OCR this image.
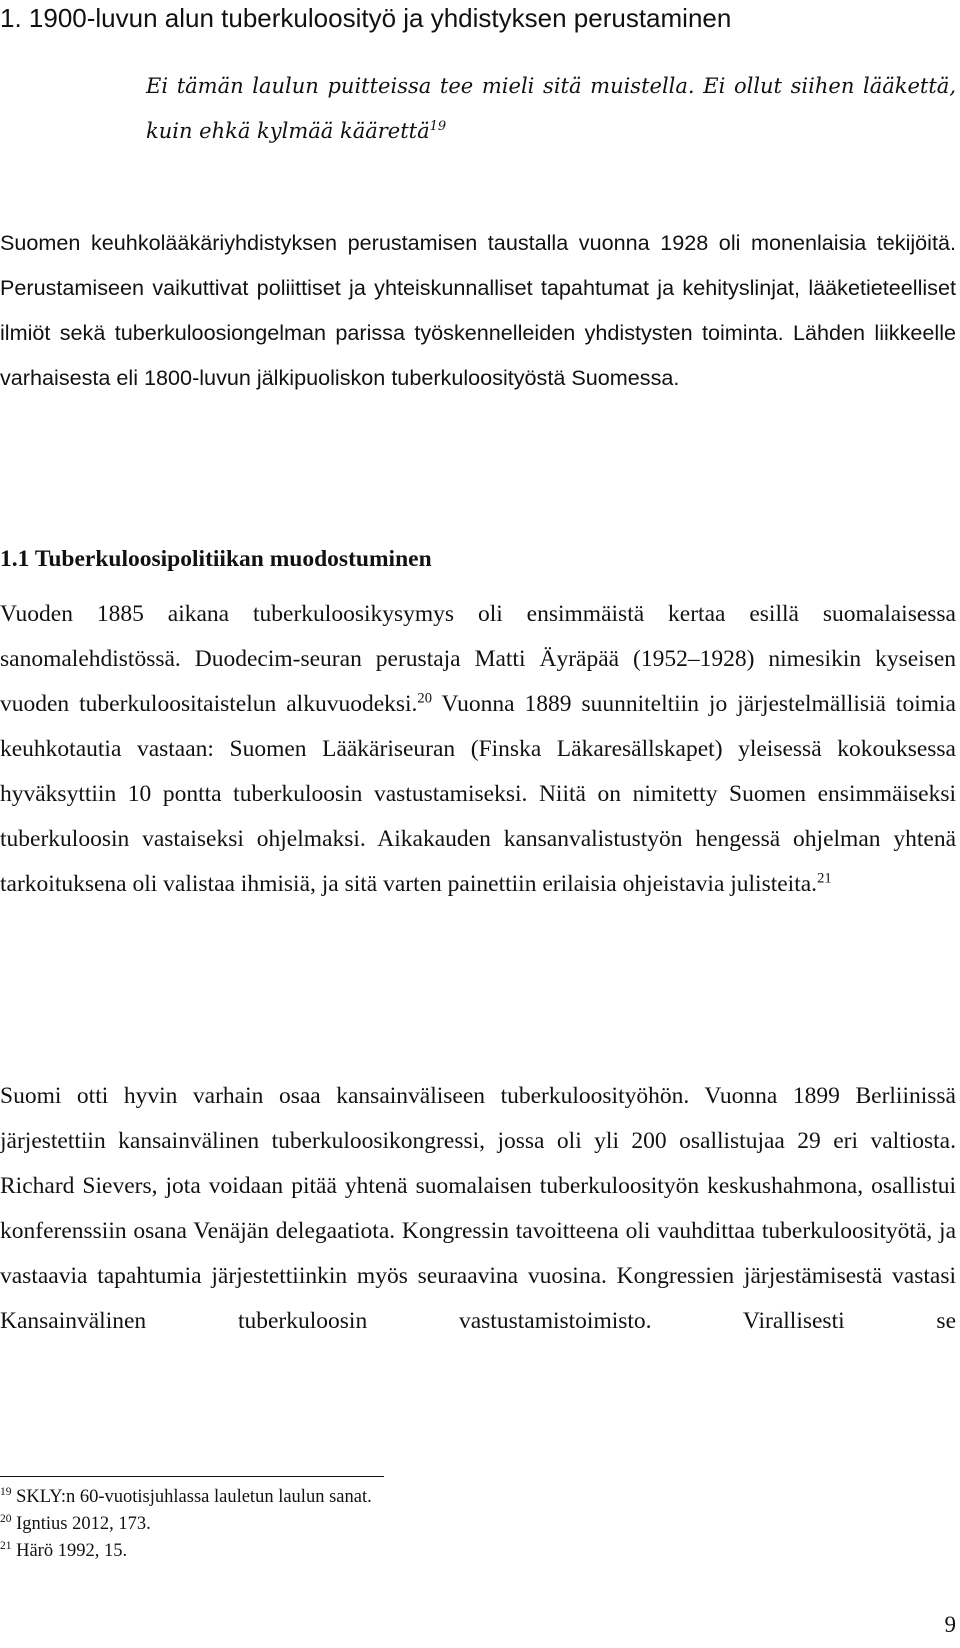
1. 1900-luvun alun tuberkuloosityö ja yhdistyksen perustaminen
Ei tämän laulun puitteissa tee mieli sitä muistella. Ei ollut siihen lääkettä, kuin ehkä kylmää käärettä$^{19}$
Suomen keuhkolääkäriyhdistyksen perustamisen taustalla vuonna 1928 oli monenlaisia tekijöitä. Perustamiseen vaikuttivat poliittiset ja yhteiskunnalliset tapahtumat ja kehityslinjat, lääketieteelliset ilmiöt sekä tuberkuloosiongelman parissa työskennelleiden yhdistysten toiminta. Lähden liikkeelle varhaisesta eli 1800-luvun jälkipuoliskon tuberkuloosityöstä Suomessa.
1.1 Tuberkuloosipolitiikan muodostuminen
Vuoden 1885 aikana tuberkuloosikysymys oli ensimmäistä kertaa esillä suomalaisessa sanomalehdistössä. Duodecim-seuran perustaja Matti Äyräpää (1952–1928) nimesikin kyseisen vuoden tuberkuloositaistelun alkuvuodeksi.$^{20}$ Vuonna 1889 suunniteltiin jo järjestelmällisiä toimia keuhkotautia vastaan: Suomen Lääkäriseuran (Finska Läkaresällskapet) yleisessä kokouksessa hyväksyttiin 10 pontta tuberkuloosin vastustamiseksi. Niitä on nimitetty Suomen ensimmäiseksi tuberkuloosin vastaiseksi ohjelmaksi. Aikakauden kansanvalistustyön hengessä ohjelman yhtenä tarkoituksena oli valistaa ihmisiä, ja sitä varten painettiin erilaisia ohjeistavia julisteita.$^{21}$
Suomi otti hyvin varhain osaa kansainväliseen tuberkuloosityöhön. Vuonna 1899 Berliinissä järjestettiin kansainvälinen tuberkuloosikongressi, jossa oli yli 200 osallistujaa 29 eri valtiosta. Richard Sievers, jota voidaan pitää yhtenä suomalaisen tuberkuloosityön keskushahmona, osallistui konferenssiin osana Venäjän delegaatiota. Kongressin tavoitteena oli vauhdittaa tuberkuloosityötä, ja vastaavia tapahtumia järjestettiinkin myös seuraavina vuosina. Kongressien järjestämisestä vastasi Kansainvälinen tuberkuloosin vastustamistoimisto. Virallisesti se
$^{19}$ SKLY:n 60-vuotisjuhlassa lauletun laulun sanat.
$^{20}$ Igntius 2012, 173.
$^{21}$ Härö 1992, 15.
9
